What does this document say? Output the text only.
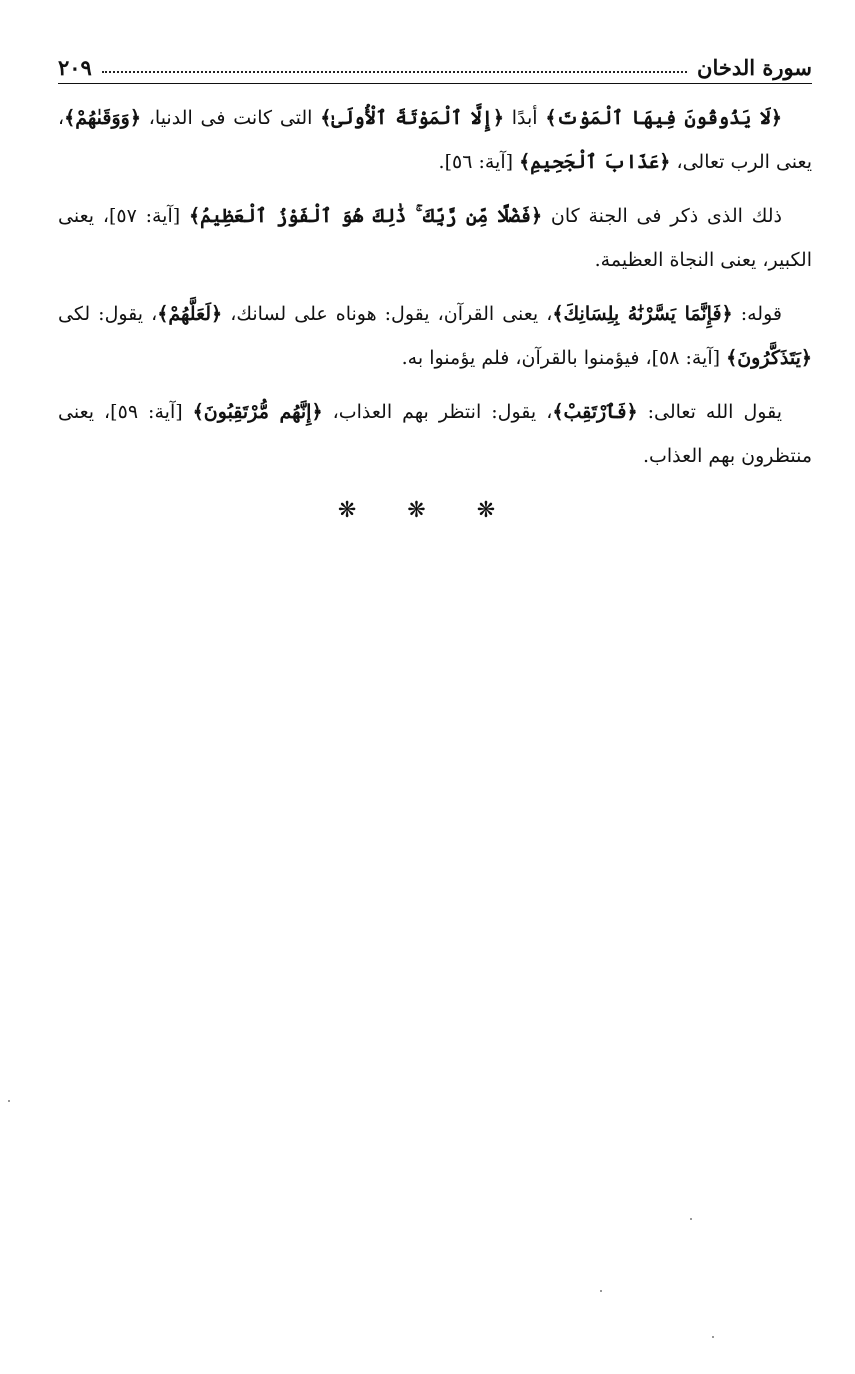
سورة الدخان
٢٠٩

﴿لَا يَذُوقُونَ فِيهَا ٱلْمَوْتَ﴾ أبدًا ﴿إِلَّا ٱلْمَوْتَةَ ٱلْأُولَىٰ﴾ التى كانت فى الدنيا، ﴿وَوَقَىٰهُمْ﴾، يعنى الرب تعالى، ﴿عَذَابَ ٱلْجَحِيمِ﴾ [آية: ٥٦].

ذلك الذى ذكر فى الجنة كان ﴿فَضْلًا مِّن رَّبِّكَ ۚ ذَٰلِكَ هُوَ ٱلْفَوْزُ ٱلْعَظِيمُ﴾ [آية: ٥٧]، يعنى الكبير، يعنى النجاة العظيمة.

قوله: ﴿فَإِنَّمَا يَسَّرْنَٰهُ بِلِسَانِكَ﴾، يعنى القرآن، يقول: هوناه على لسانك، ﴿لَعَلَّهُمْ﴾، يقول: لكى ﴿يَتَذَكَّرُونَ﴾ [آية: ٥٨]، فيؤمنوا بالقرآن، فلم يؤمنوا به.

يقول الله تعالى: ﴿فَٱرْتَقِبْ﴾، يقول: انتظر بهم العذاب، ﴿إِنَّهُم مُّرْتَقِبُونَ﴾ [آية: ٥٩]، يعنى منتظرون بهم العذاب.

❋ ❋ ❋
